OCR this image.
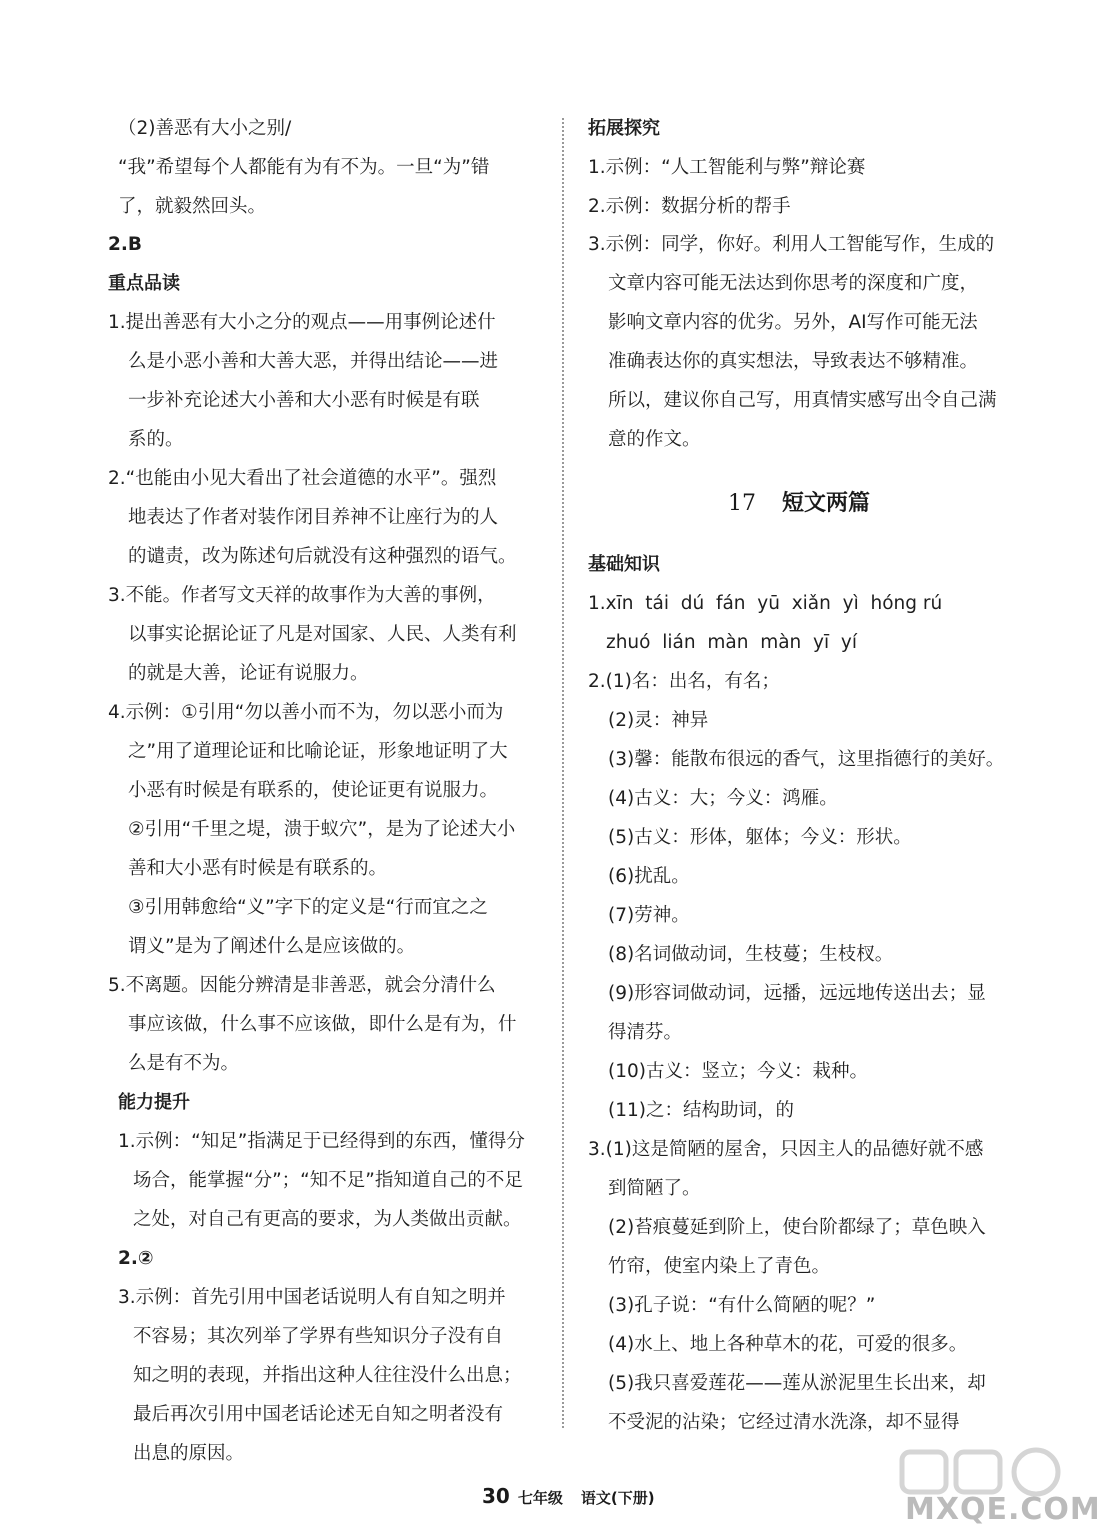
（2)善恶有大小之别/
“我”希望每个人都能有为有不为。一旦“为”错
了，就毅然回头。
2.B
重点品读
1.提出善恶有大小之分的观点——用事例论述什
么是小恶小善和大善大恶，并得出结论——进
一步补充论述大小善和大小恶有时候是有联
系的。
2.“也能由小见大看出了社会道德的水平”。强烈
地表达了作者对装作闭目养神不让座行为的人
的谴责，改为陈述句后就没有这种强烈的语气。
3.不能。作者写文天祥的故事作为大善的事例，
以事实论据论证了凡是对国家、人民、人类有利
的就是大善，论证有说服力。
4.示例：①引用“勿以善小而不为，勿以恶小而为
之”用了道理论证和比喻论证，形象地证明了大
小恶有时候是有联系的，使论证更有说服力。
②引用“千里之堤，溃于蚁穴”，是为了论述大小
善和大小恶有时候是有联系的。
③引用韩愈给“义”字下的定义是“行而宜之之
谓义”是为了阐述什么是应该做的。
5.不离题。因能分辨清是非善恶，就会分清什么
事应该做，什么事不应该做，即什么是有为，什
么是有不为。
能力提升
1.示例：“知足”指满足于已经得到的东西，懂得分
场合，能掌握“分”；“知不足”指知道自己的不足
之处，对自己有更高的要求，为人类做出贡献。
2.②
3.示例：首先引用中国老话说明人有自知之明并
不容易；其次列举了学界有些知识分子没有自
知之明的表现，并指出这种人往往没什么出息；
最后再次引用中国老话论述无自知之明者没有
出息的原因。
拓展探究
1.示例：“人工智能利与弊”辩论赛
2.示例：数据分析的帮手
3.示例：同学，你好。利用人工智能写作，生成的
文章内容可能无法达到你思考的深度和广度，
影响文章内容的优劣。另外，AI写作可能无法
准确表达你的真实想法，导致表达不够精准。
所以，建议你自己写，用真情实感写出令自己满
意的作文。
17 短文两篇
基础知识
1.xīn  tái  dú  fán  yū  xiǎn  yì  hóng rú
zhuó  lián  màn  màn  yī  yí
2.(1)名：出名，有名；
(2)灵：神异
(3)馨：能散布很远的香气，这里指德行的美好。
(4)古义：大；今义：鸿雁。
(5)古义：形体，躯体；今义：形状。
(6)扰乱。
(7)劳神。
(8)名词做动词，生枝蔓；生枝杈。
(9)形容词做动词，远播，远远地传送出去；显
得清芬。
(10)古义：竖立；今义：栽种。
(11)之：结构助词，的
3.(1)这是简陋的屋舍，只因主人的品德好就不感
到简陋了。
(2)苔痕蔓延到阶上，使台阶都绿了；草色映入
竹帘，使室内染上了青色。
(3)孔子说：“有什么简陋的呢？”
(4)水上、地上各种草木的花，可爱的很多。
(5)我只喜爱莲花——莲从淤泥里生长出来，却
不受泥的沾染；它经过清水洗涤，却不显得
30 七年级 语文(下册)	MXQE.COM
